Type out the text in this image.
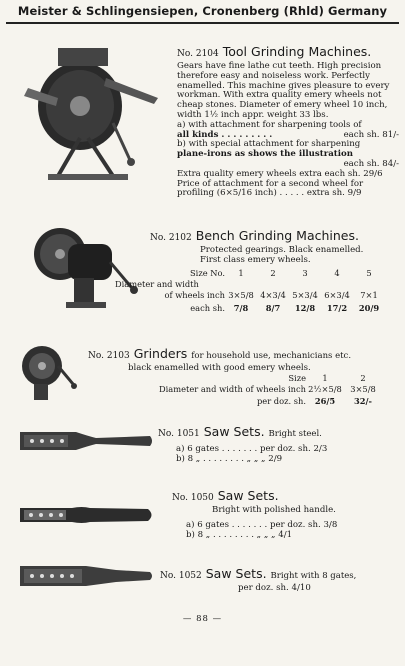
Meister & Schlingensiepen, Cronenberg (Rhld) Germany
No. 2104 Tool Grinding Machines.
Gears have fine lathe cut teeth. High precision
therefore easy and noiseless work. Perfectly
enamelled. This machine gives pleasure to every
workman. With extra quality emery wheels not
cheap stones. Diameter of emery wheel 10 inch,
width 1½ inch appr. weight 33 lbs.
a) with attachment for sharpening tools of
all kinds . . . . . . . . .	each sh. 81/-
b) with special attachment for sharpening
plane-irons as shows the illustration
each sh. 84/-
Extra quality emery wheels extra each sh. 29/6
Price of attachment for a second wheel for
profiling (6×5/16 inch) . . . . . extra sh. 9/9
No. 2102 Bench Grinding Machines.
Protected gearings. Black enamelled.
First class emery wheels.
Size No.	1	2	3	4	5
Diameter and width
of wheels inch 3×5/8 4×3/4 5×3/4 6×3/4	7×1
each sh.	7/8	8/7	12/8	17/2	20/9
No. 2103 Grinders for household use, mechanicians etc.
black enamelled with good emery wheels.
Size	1	2
Diameter and width of wheels inch 2½×5/8	3×5/8
per doz. sh.	26/5	32/-
No. 1051 Saw Sets. Bright steel.
a) 6 gates . . . . . . . per doz. sh. 2/3
b) 8 „ . . . . . . . . „ „ „ 2/9
No. 1050 Saw Sets.
Bright with polished handle.
a) 6 gates . . . . . . . per doz. sh. 3/8
b) 8 „ . . . . . . . . „ „ „ 4/1
No. 1052 Saw Sets. Bright with 8 gates,
per doz. sh. 4/10
— 88 —
